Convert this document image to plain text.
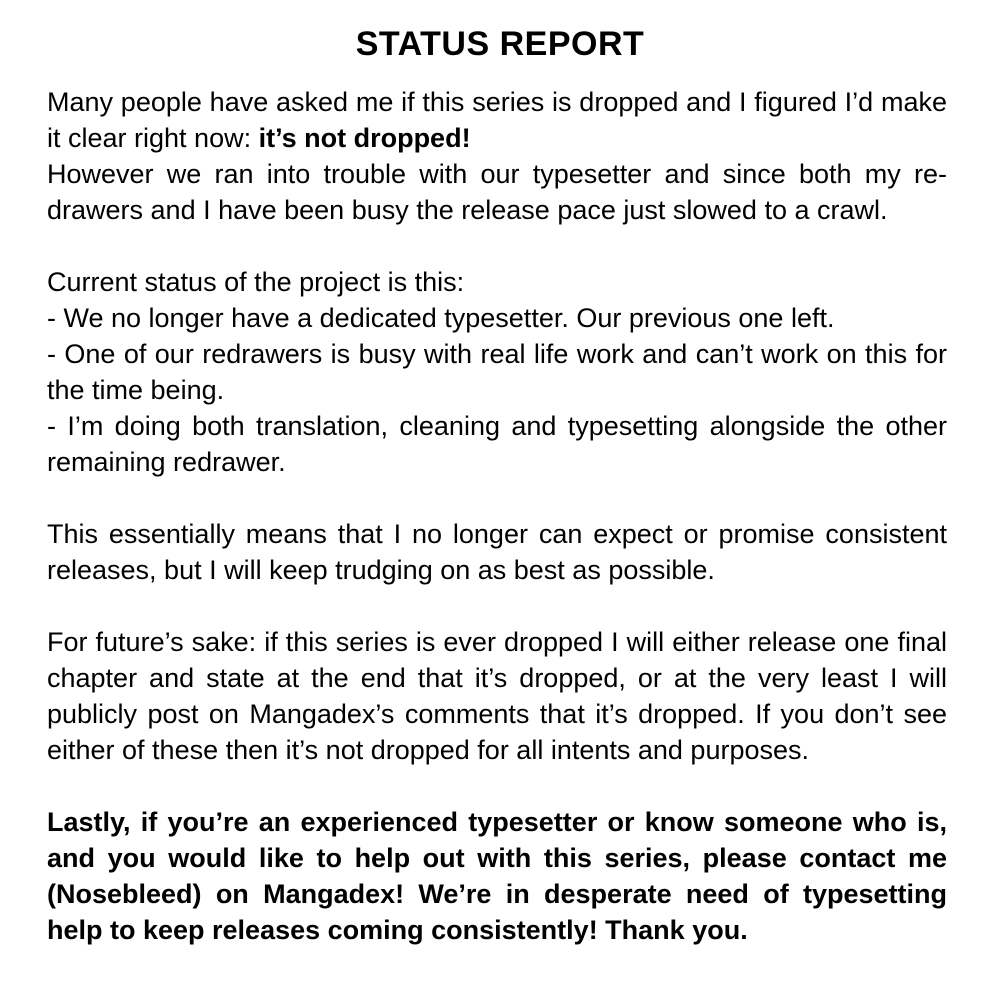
STATUS REPORT

Many people have asked me if this series is dropped and I figured I’d make it clear right now: it’s not dropped!
However we ran into trouble with our typesetter and since both my re-drawers and I have been busy the release pace just slowed to a crawl.

Current status of the project is this:
- We no longer have a dedicated typesetter. Our previous one left.
- One of our redrawers is busy with real life work and can’t work on this for the time being.
- I’m doing both translation, cleaning and typesetting alongside the other remaining redrawer.

This essentially means that I no longer can expect or promise consistent releases, but I will keep trudging on as best as possible.

For future’s sake: if this series is ever dropped I will either release one final chapter and state at the end that it’s dropped, or at the very least I will publicly post on Mangadex’s comments that it’s dropped. If you don’t see either of these then it’s not dropped for all intents and purposes.

Lastly, if you’re an experienced typesetter or know someone who is, and you would like to help out with this series, please contact me (Nosebleed) on Mangadex! We’re in desperate need of typesetting help to keep releases coming consistently! Thank you.
